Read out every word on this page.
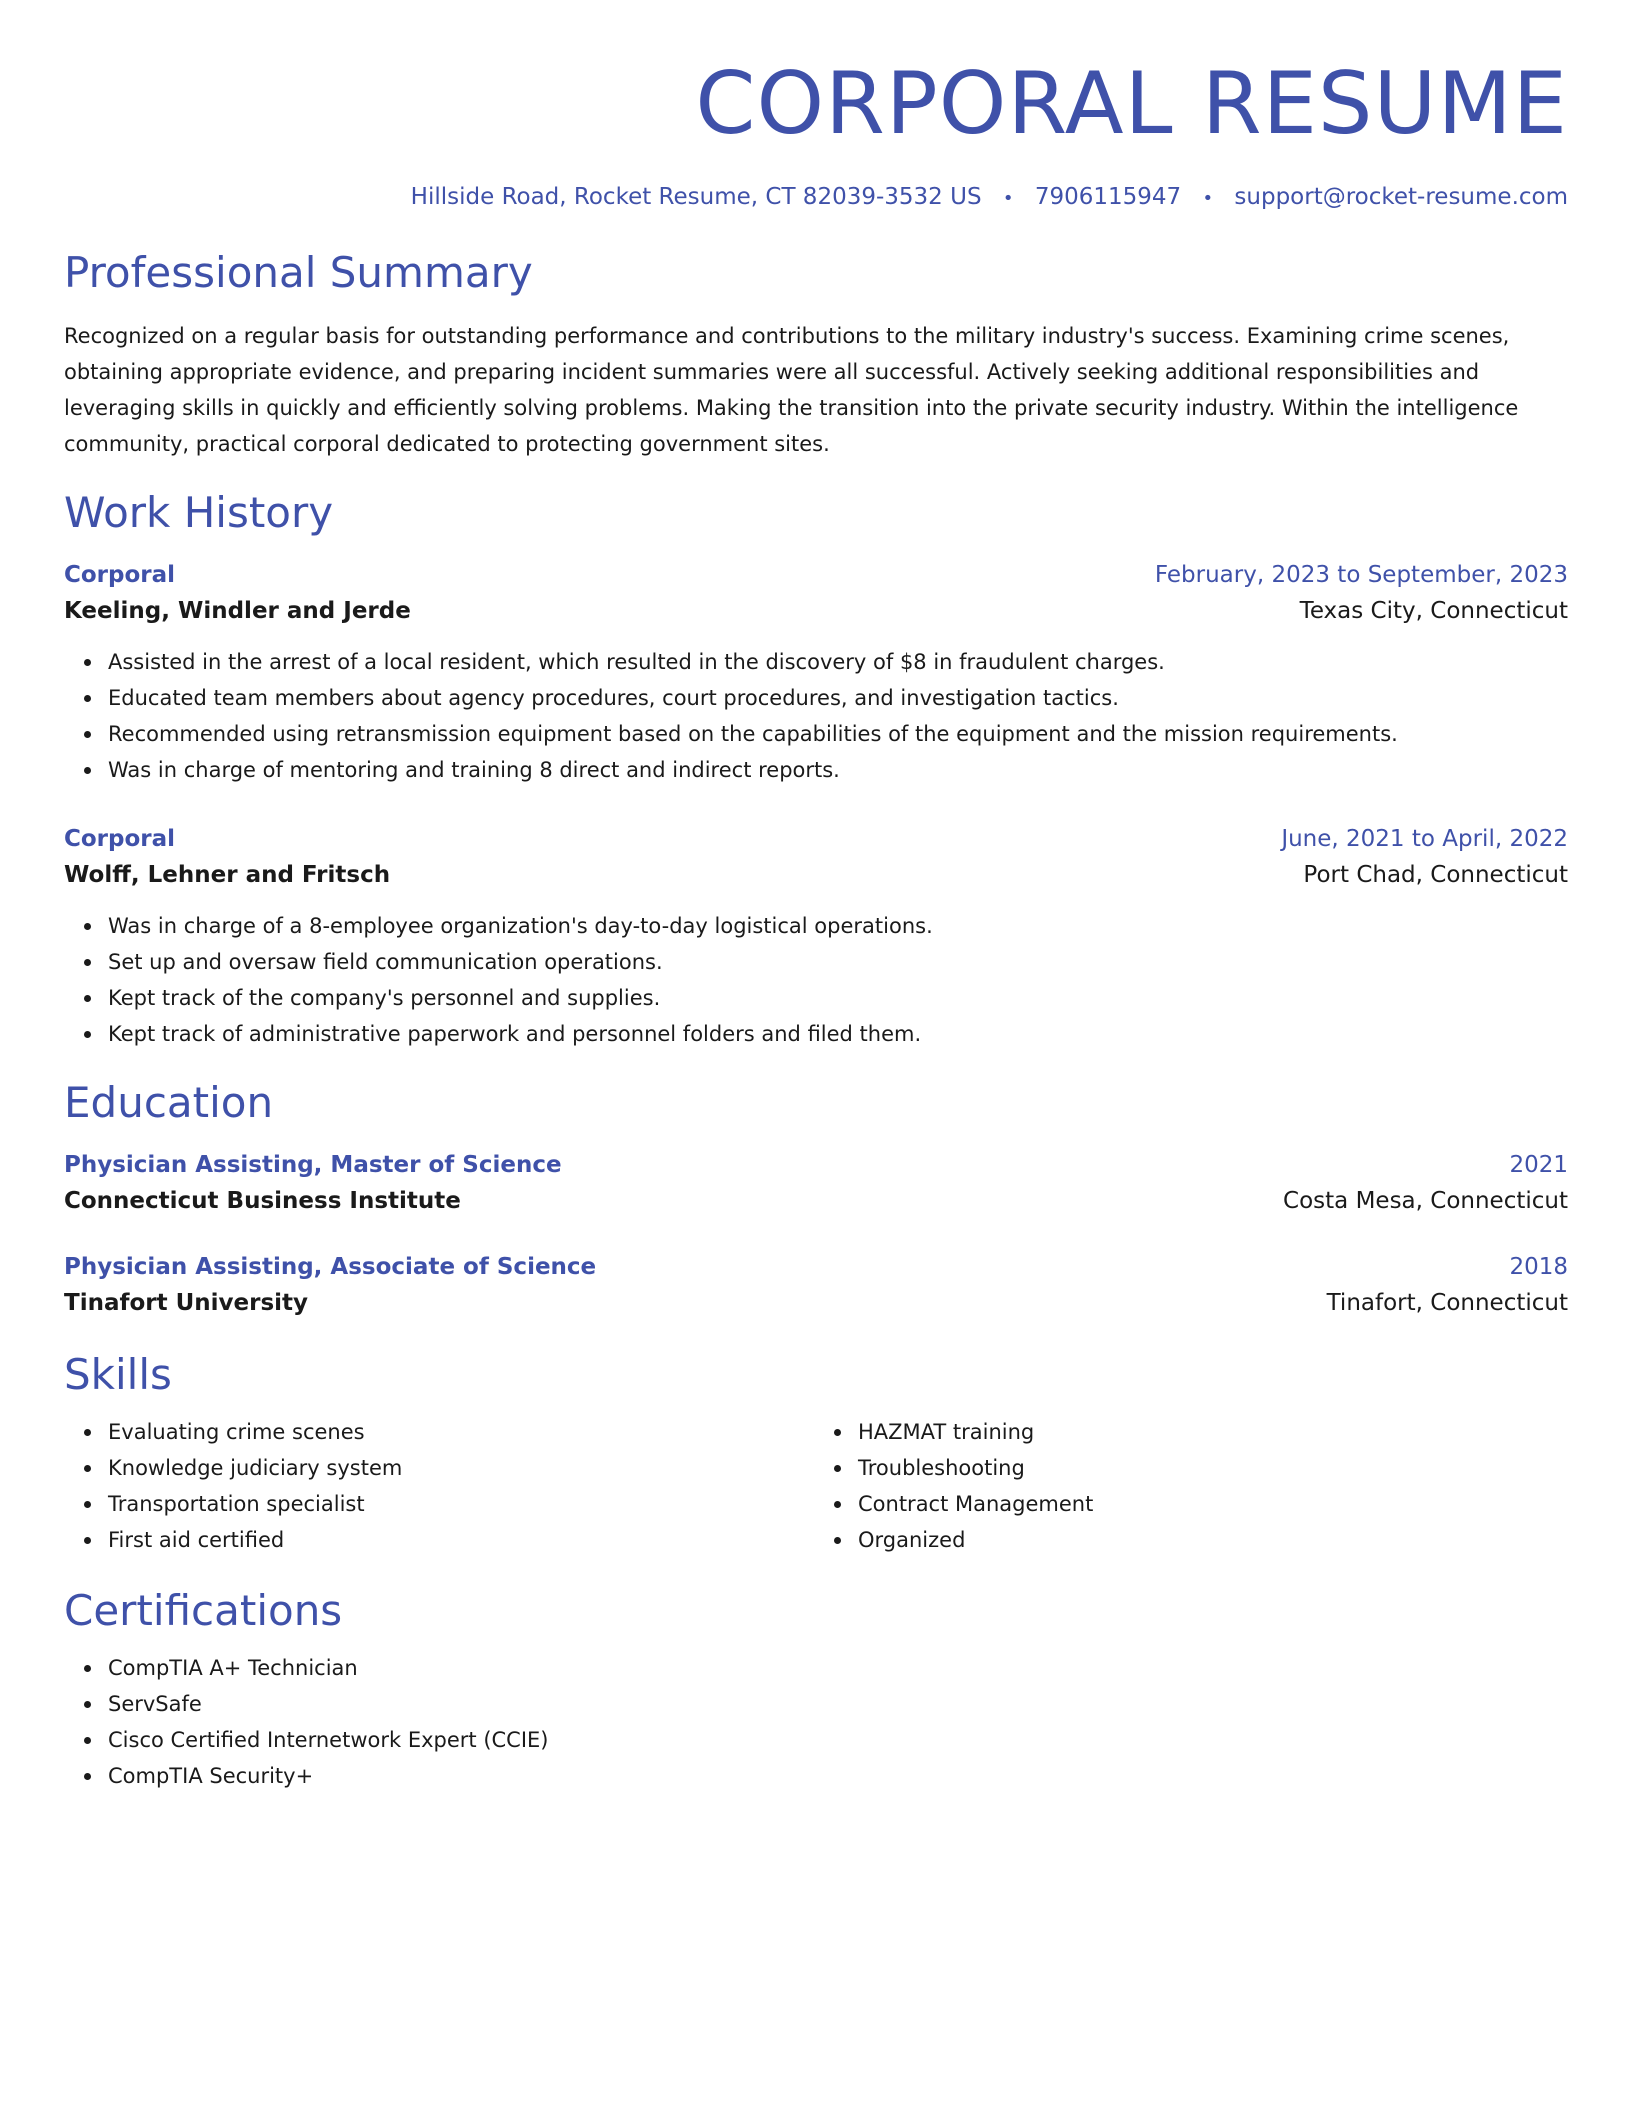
CORPORAL RESUME
Hillside Road, Rocket Resume, CT 82039-3532 US • 7906115947 • support@rocket-resume.com
Professional Summary
Recognized on a regular basis for outstanding performance and contributions to the military industry's success. Examining crime scenes, obtaining appropriate evidence, and preparing incident summaries were all successful. Actively seeking additional responsibilities and leveraging skills in quickly and efficiently solving problems. Making the transition into the private security industry. Within the intelligence community, practical corporal dedicated to protecting government sites.
Work History
Corporal	February, 2023 to September, 2023
Keeling, Windler and Jerde	Texas City, Connecticut
Assisted in the arrest of a local resident, which resulted in the discovery of $8 in fraudulent charges.
Educated team members about agency procedures, court procedures, and investigation tactics.
Recommended using retransmission equipment based on the capabilities of the equipment and the mission requirements.
Was in charge of mentoring and training 8 direct and indirect reports.
Corporal	June, 2021 to April, 2022
Wolff, Lehner and Fritsch	Port Chad, Connecticut
Was in charge of a 8-employee organization's day-to-day logistical operations.
Set up and oversaw field communication operations.
Kept track of the company's personnel and supplies.
Kept track of administrative paperwork and personnel folders and filed them.
Education
Physician Assisting, Master of Science	2021
Connecticut Business Institute	Costa Mesa, Connecticut
Physician Assisting, Associate of Science	2018
Tinafort University	Tinafort, Connecticut
Skills
Evaluating crime scenes
Knowledge judiciary system
Transportation specialist
First aid certified
HAZMAT training
Troubleshooting
Contract Management
Organized
Certifications
CompTIA A+ Technician
ServSafe
Cisco Certified Internetwork Expert (CCIE)
CompTIA Security+
